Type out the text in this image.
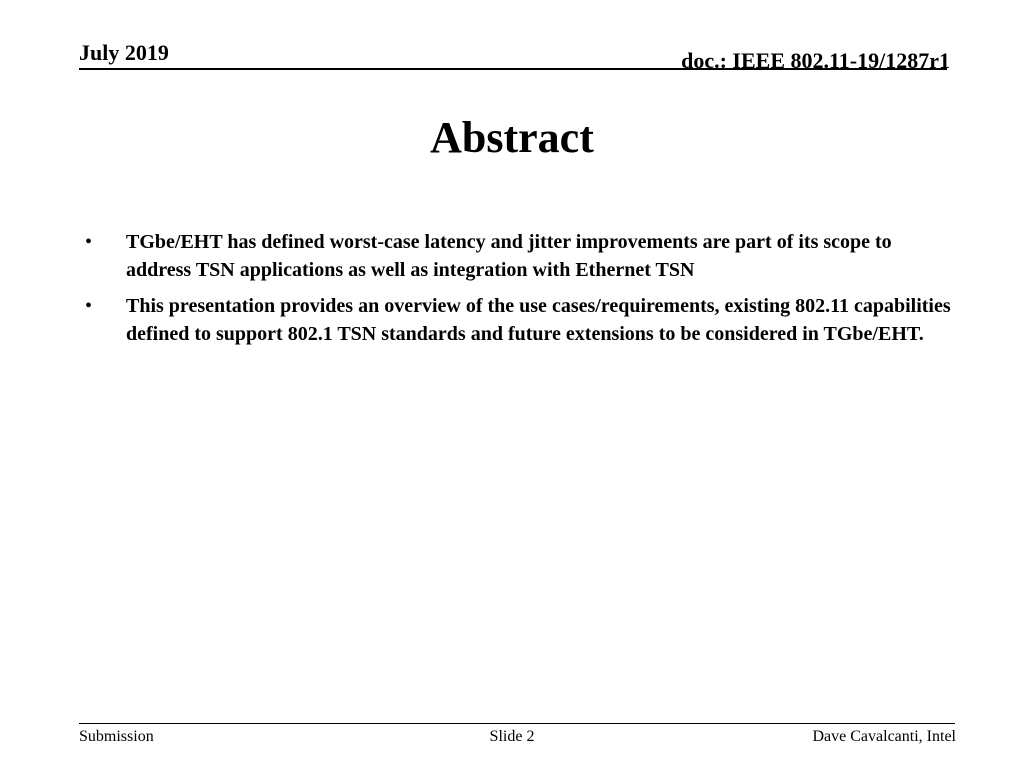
July 2019	doc.: IEEE 802.11-19/1287r1
Abstract
• TGbe/EHT has defined worst-case latency and jitter improvements are part of its scope to address TSN applications as well as integration with Ethernet TSN
• This presentation provides an overview of the use cases/requirements, existing 802.11 capabilities defined to support 802.1 TSN standards and future extensions to be considered in TGbe/EHT.
Submission	Slide 2	Dave Cavalcanti, Intel
